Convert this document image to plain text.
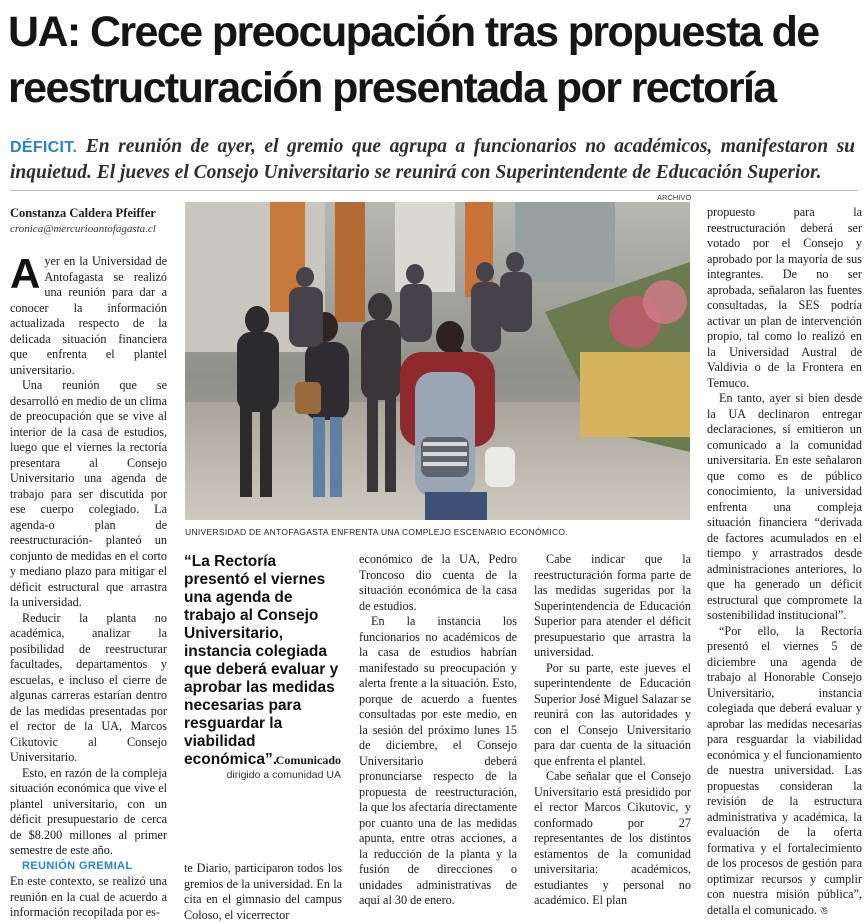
UA: Crece preocupación tras propuesta de
reestructuración presentada por rectoría

DÉFICIT. En reunión de ayer, el gremio que agrupa a funcionarios no académicos, manifestaron su inquietud. El jueves el Consejo Universitario se reunirá con Superintendente de Educación Superior.

Constanza Caldera Pfeiffer
cronica@mercurioantofagasta.cl
ARCHIVO
UNIVERSIDAD DE ANTOFAGASTA ENFRENTA UNA COMPLEJO ESCENARIO ECONÓMICO.

Ayer en la Universidad de Antofagasta se realizó una reunión para dar a conocer la información actualizada respecto de la delicada situación financiera que enfrenta el plantel universitario.

Una reunión que se desarrolló en medio de un clima de preocupación que se vive al interior de la casa de estudios, luego que el viernes la rectoría presentara al Consejo Universitario una agenda de trabajo para ser discutida por ese cuerpo colegiado. La agenda-o plan de reestructuración- planteó un conjunto de medidas en el corto y mediano plazo para mitigar el déficit estructural que arrastra la universidad.

Reducir la planta no académica, analizar la posibilidad de reestructurar facultades, departamentos y escuelas, e incluso el cierre de algunas carreras estarían dentro de las medidas presentadas por el rector de la UA, Marcos Cikutovic al Consejo Universitario.

Esto, en razón de la compleja situación económica que vive el plantel universitario, con un déficit presupuestario de cerca de $8.200 millones al primer semestre de este año.

REUNIÓN GREMIAL

En este contexto, se realizó una reunión en la cual de acuerdo a información recopilada por es-

“La Rectoría presentó el viernes una agenda de trabajo al Consejo Universitario, instancia colegiada que deberá evaluar y aprobar las medidas necesarias para resguardar la viabilidad económica”.
Comunicado
dirigido a comunidad UA

te Diario, participaron todos los gremios de la universidad. En la cita en el gimnasio del campus Coloso, el vicerrector

económico de la UA, Pedro Troncoso dio cuenta de la situación económica de la casa de estudios.

En la instancia los funcionarios no académicos de la casa de estudios habrían manifestado su preocupación y alerta frente a la situación. Esto, porque de acuerdo a fuentes consultadas por este medio, en la sesión del próximo lunes 15 de diciembre, el Consejo Universitario deberá pronunciarse respecto de la propuesta de reestructuración, la que los afectaría directamente por cuanto una de las medidas apunta, entre otras acciones, a la reducción de la planta y la fusión de direcciones o unidades administrativas de aquí al 30 de enero.

Cabe indicar que la reestructuración forma parte de las medidas sugeridas por la Superintendencia de Educación Superior para atender el déficit presupuestario que arrastra la universidad.

Por su parte, este jueves el superintendente de Educación Superior José Miguel Salazar se reunirá con las autoridades y con el Consejo Universitario para dar cuenta de la situación que enfrenta el plantel.

Cabe señalar que el Consejo Universitario está presidido por el rector Marcos Cikutovic, y conformado por 27 representantes de los distintos estamentos de la comunidad universitaria: académicos, estudiantes y personal no académico. El plan

propuesto para la reestructuración deberá ser votado por el Consejo y aprobado por la mayoría de sus integrantes. De no ser aprobada, señalaron las fuentes consultadas, la SES podría activar un plan de intervención propio, tal como lo realizó en la Universidad Austral de Valdivia o de la Frontera en Temuco.

En tanto, ayer si bien desde la UA declinaron entregar declaraciones, sí emitieron un comunicado a la comunidad universitaria. En este señalaron que como es de público conocimiento, la universidad enfrenta una compleja situación financiera “derivada de factores acumulados en el tiempo y arrastrados desde administraciones anteriores, lo que ha generado un déficit estructural que compromete la sostenibilidad institucional”.

“Por ello, la Rectoría presentó el viernes 5 de diciembre una agenda de trabajo al Honorable Consejo Universitario, instancia colegiada que deberá evaluar y aprobar las medidas necesarias para resguardar la viabilidad económica y el funcionamiento de nuestra universidad. Las propuestas consideran la revisión de la estructura administrativa y académica, la evaluación de la oferta formativa y el fortalecimiento de los procesos de gestión para optimizar recursos y cumplir con nuestra misión pública”, detalla el comunicado. ঙ
